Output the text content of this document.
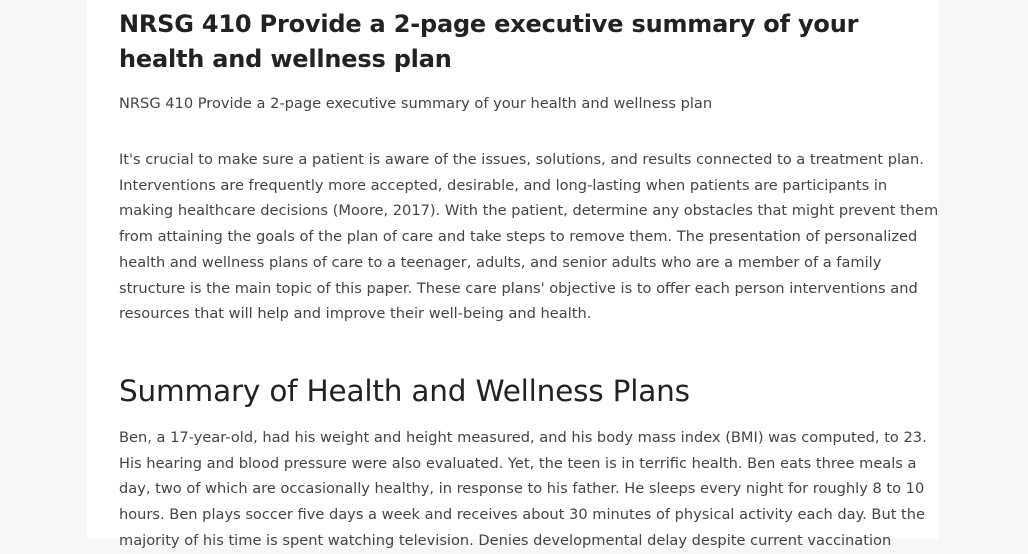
NRSG 410 Provide a 2-page executive summary of your health and wellness plan

NRSG 410 Provide a 2-page executive summary of your health and wellness plan

It's crucial to make sure a patient is aware of the issues, solutions, and results connected to a treatment plan.
Interventions are frequently more accepted, desirable, and long-lasting when patients are participants in
making healthcare decisions (Moore, 2017). With the patient, determine any obstacles that might prevent them
from attaining the goals of the plan of care and take steps to remove them. The presentation of personalized
health and wellness plans of care to a teenager, adults, and senior adults who are a member of a family
structure is the main topic of this paper. These care plans' objective is to offer each person interventions and
resources that will help and improve their well-being and health.

Summary of Health and Wellness Plans

Ben, a 17-year-old, had his weight and height measured, and his body mass index (BMI) was computed, to 23.
His hearing and blood pressure were also evaluated. Yet, the teen is in terrific health. Ben eats three meals a
day, two of which are occasionally healthy, in response to his father. He sleeps every night for roughly 8 to 10
hours. Ben plays soccer five days a week and receives about 30 minutes of physical activity each day. But the
majority of his time is spent watching television. Denies developmental delay despite current vaccination
